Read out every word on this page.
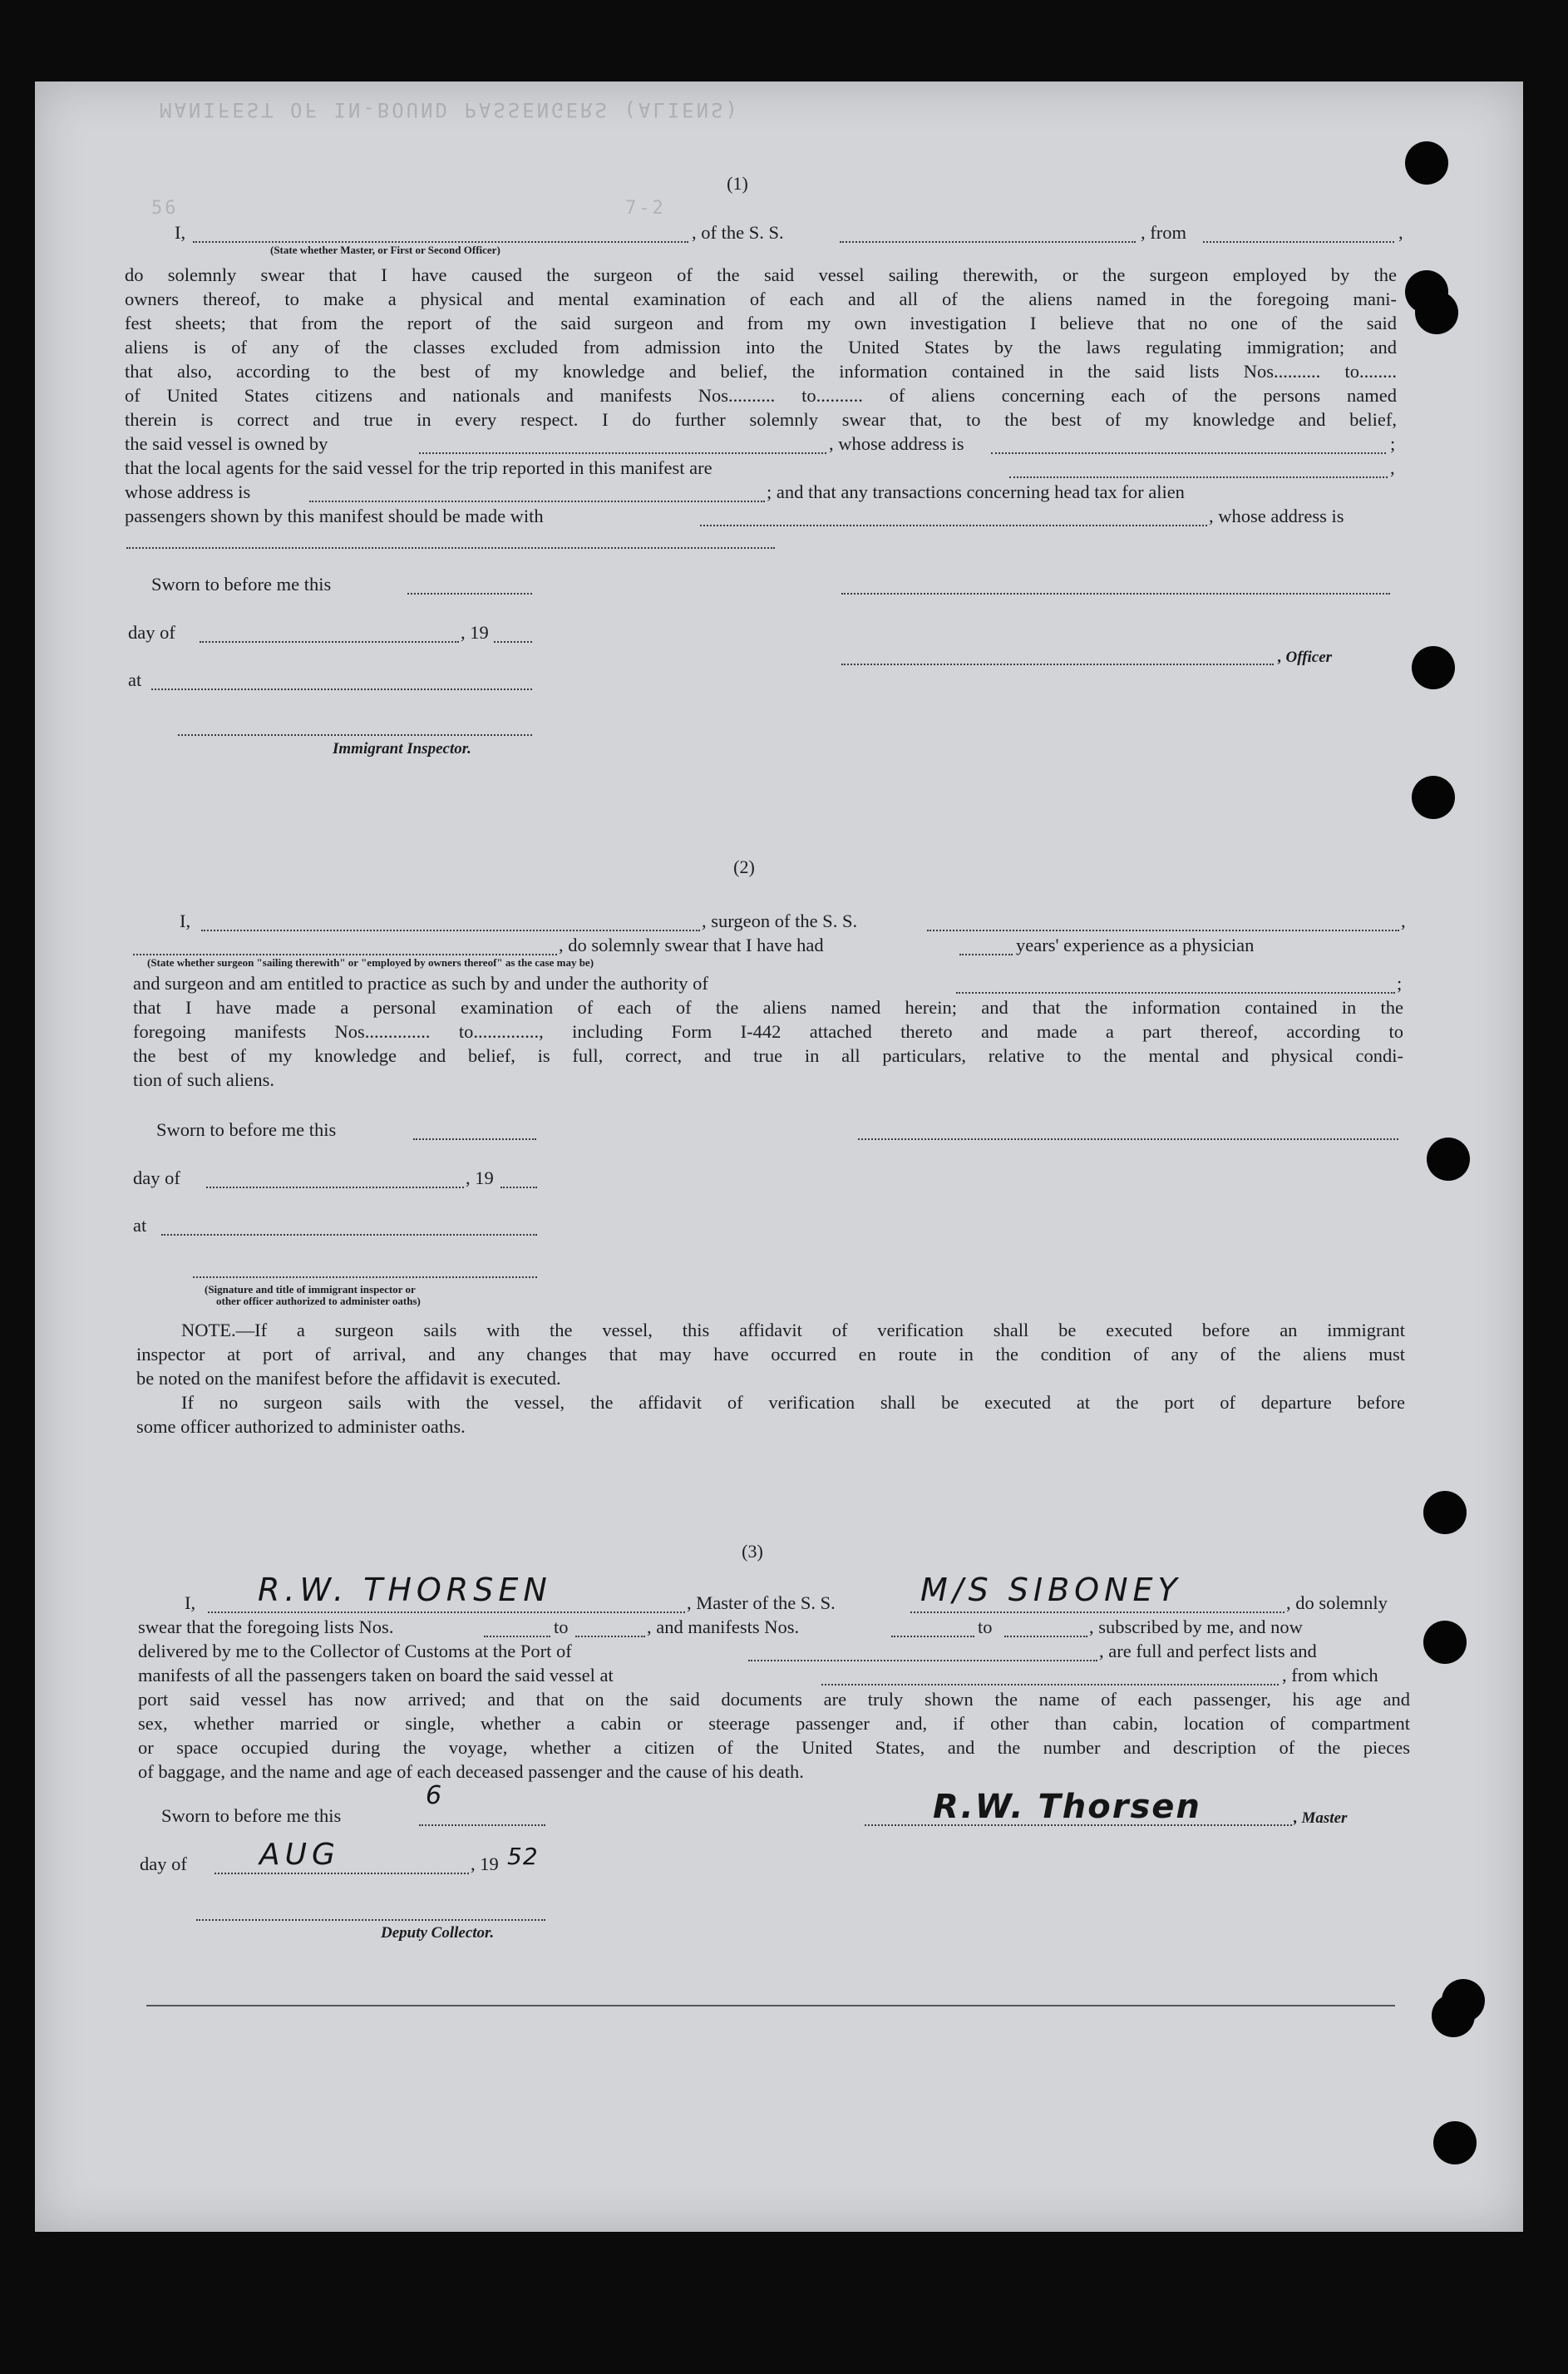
MANIFEST OF IN-BOUND PASSENGERS (ALIENS)
7-2
56
(1)
I,	, of the S. S.	, from	,
(State whether Master, or First or Second Officer)
do solemnly swear that I have caused the surgeon of the said vessel sailing therewith, or the surgeon employed by the
owners thereof, to make a physical and mental examination of each and all of the aliens named in the foregoing mani-
fest sheets; that from the report of the said surgeon and from my own investigation I believe that no one of the said
aliens is of any of the classes excluded from admission into the United States by the laws regulating immigration; and
that also, according to the best of my knowledge and belief, the information contained in the said lists Nos.......... to........
of United States citizens and nationals and manifests Nos.......... to.......... of aliens concerning each of the persons named
therein is correct and true in every respect. I do further solemnly swear that, to the best of my knowledge and belief,
the said vessel is owned by	, whose address is	;
that the local agents for the said vessel for the trip reported in this manifest are	,
whose address is	; and that any transactions concerning head tax for alien
passengers shown by this manifest should be made with	, whose address is
Sworn to before me this
day of	, 19
, Officer
at
Immigrant Inspector.
(2)
I,	, surgeon of the S. S.	,
, do solemnly swear that I have had	years' experience as a physician
(State whether surgeon "sailing therewith" or "employed by owners thereof" as the case may be)
and surgeon and am entitled to practice as such by and under the authority of	;
that I have made a personal examination of each of the aliens named herein; and that the information contained in the
foregoing manifests Nos.............. to.............., including Form I-442 attached thereto and made a part thereof, according to
the best of my knowledge and belief, is full, correct, and true in all particulars, relative to the mental and physical condi-
tion of such aliens.
Sworn to before me this
day of	, 19
at
(Signature and title of immigrant inspector or
other officer authorized to administer oaths)
NOTE.—If a surgeon sails with the vessel, this affidavit of verification shall be executed before an immigrant
inspector at port of arrival, and any changes that may have occurred en route in the condition of any of the aliens must
be noted on the manifest before the affidavit is executed.
If no surgeon sails with the vessel, the affidavit of verification shall be executed at the port of departure before
some officer authorized to administer oaths.
(3)
I, R.W. THORSEN	, Master of the S. S.	M/S SIBONEY	, do solemnly
swear that the foregoing lists Nos.	to	, and manifests Nos.	to	, subscribed by me, and now
delivered by me to the Collector of Customs at the Port of	, are full and perfect lists and
manifests of all the passengers taken on board the said vessel at	, from which
port said vessel has now arrived; and that on the said documents are truly shown the name of each passenger, his age and
sex, whether married or single, whether a cabin or steerage passenger and, if other than cabin, location of compartment
or space occupied during the voyage, whether a citizen of the United States, and the number and description of the pieces
of baggage, and the name and age of each deceased passenger and the cause of his death.
Sworn to before me this
6	R.W. Thorsen	, Master
day of AUG	, 19 52
Deputy Collector.
